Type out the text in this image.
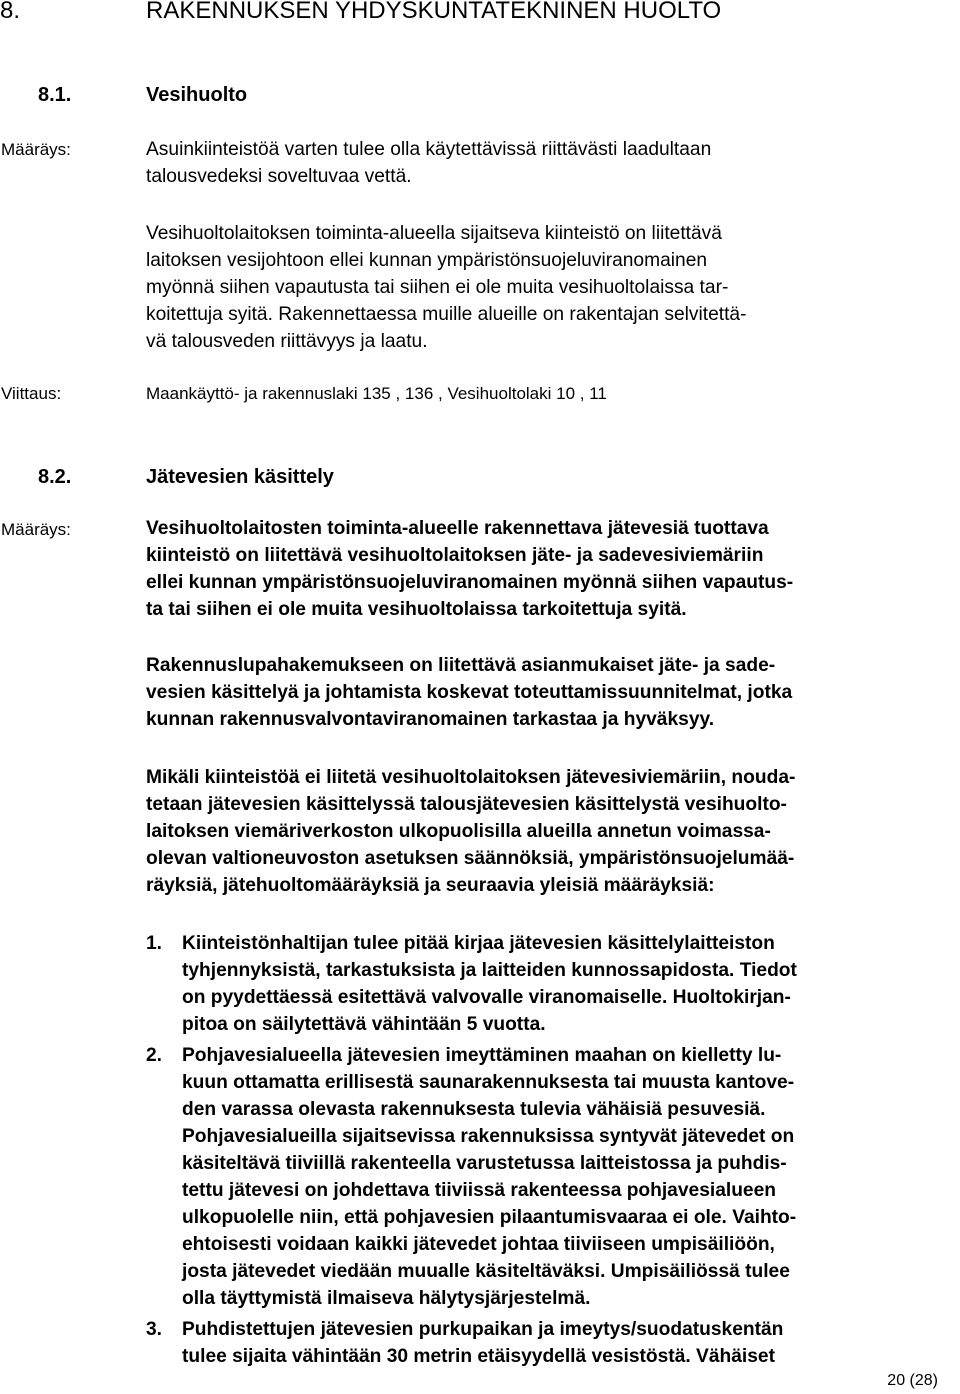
8.	RAKENNUKSEN YHDYSKUNTATEKNINEN HUOLTO
8.1.	Vesihuolto
Määräys:	Asuinkiinteistöä varten tulee olla käytettävissä riittävästi laadultaan
talousvedeksi soveltuvaa vettä.
Vesihuoltolaitoksen toiminta-alueella sijaitseva kiinteistö on liitettävä
laitoksen vesijohtoon ellei kunnan ympäristönsuojeluviranomainen
myönnä siihen vapautusta tai siihen ei ole muita vesihuoltolaissa tar-
koitettuja syitä. Rakennettaessa muille alueille on rakentajan selvitettä-
vä talousveden riittävyys ja laatu.
Viittaus:	Maankäyttö- ja rakennuslaki 135 , 136 , Vesihuoltolaki 10 , 11
8.2.	Jätevesien käsittely
Määräys:	Vesihuoltolaitosten toiminta-alueelle rakennettava jätevesiä tuottava
kiinteistö on liitettävä vesihuoltolaitoksen jäte- ja sadevesiviemäriin
ellei kunnan ympäristönsuojeluviranomainen myönnä siihen vapautus-
ta tai siihen ei ole muita vesihuoltolaissa tarkoitettuja syitä.
Rakennuslupahakemukseen on liitettävä asianmukaiset jäte- ja sade-
vesien käsittelyä ja johtamista koskevat toteuttamissuunnitelmat, jotka
kunnan rakennusvalvontaviranomainen tarkastaa ja hyväksyy.
Mikäli kiinteistöä ei liitetä vesihuoltolaitoksen jätevesiviemäriin, nouda-
tetaan jätevesien käsittelyssä talousjätevesien käsittelystä vesihuolto-
laitoksen viemäriverkoston ulkopuolisilla alueilla annetun voimassa-
olevan valtioneuvoston asetuksen säännöksiä, ympäristönsuojelumää-
räyksiä, jätehuoltomääräyksiä ja seuraavia yleisiä määräyksiä:
1. Kiinteistönhaltijan tulee pitää kirjaa jätevesien käsittelylaitteiston
tyhjennyksistä, tarkastuksista ja laitteiden kunnossapidosta. Tiedot
on pyydettäessä esitettävä valvovalle viranomaiselle. Huoltokirjan-
pitoa on säilytettävä vähintään 5 vuotta.
2. Pohjavesialueella jätevesien imeyttäminen maahan on kielletty lu-
kuun ottamatta erillisestä saunarakennuksesta tai muusta kantove-
den varassa olevasta rakennuksesta tulevia vähäisiä pesuvesiä.
Pohjavesialueilla sijaitsevissa rakennuksissa syntyvät jätevedet on
käsiteltävä tiiviillä rakenteella varustetussa laitteistossa ja puhdis-
tettu jätevesi on johdettava tiiviissä rakenteessa pohjavesialueen
ulkopuolelle niin, että pohjavesien pilaantumisvaaraa ei ole. Vaihto-
ehtoisesti voidaan kaikki jätevedet johtaa tiiviiseen umpisäiliöön,
josta jätevedet viedään muualle käsiteltäväksi. Umpisäiliössä tulee
olla täyttymistä ilmaiseva hälytysjärjestelmä.
3. Puhdistettujen jätevesien purkupaikan ja imeytys/suodatuskentän
tulee sijaita vähintään 30 metrin etäisyydellä vesistöstä. Vähäiset
20 (28)
